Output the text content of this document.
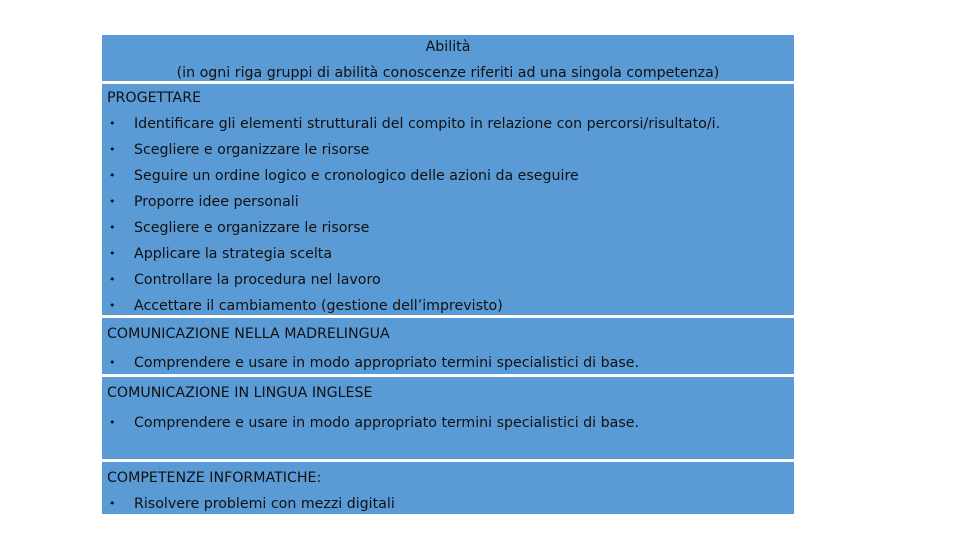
Abilità
(in ogni riga gruppi di abilità conoscenze riferiti ad una singola competenza)
PROGETTARE
• Identificare gli elementi strutturali del compito in relazione con percorsi/risultato/i.
• Scegliere e organizzare le risorse
• Seguire un ordine logico e cronologico delle azioni da eseguire
• Proporre idee personali
• Scegliere e organizzare le risorse
• Applicare la strategia scelta
• Controllare la procedura nel lavoro
• Accettare il cambiamento (gestione dell’imprevisto)
COMUNICAZIONE NELLA MADRELINGUA
• Comprendere e usare in modo appropriato termini specialistici di base.
COMUNICAZIONE IN LINGUA INGLESE
• Comprendere e usare in modo appropriato termini specialistici di base.
COMPETENZE INFORMATICHE:
• Risolvere problemi con mezzi digitali
